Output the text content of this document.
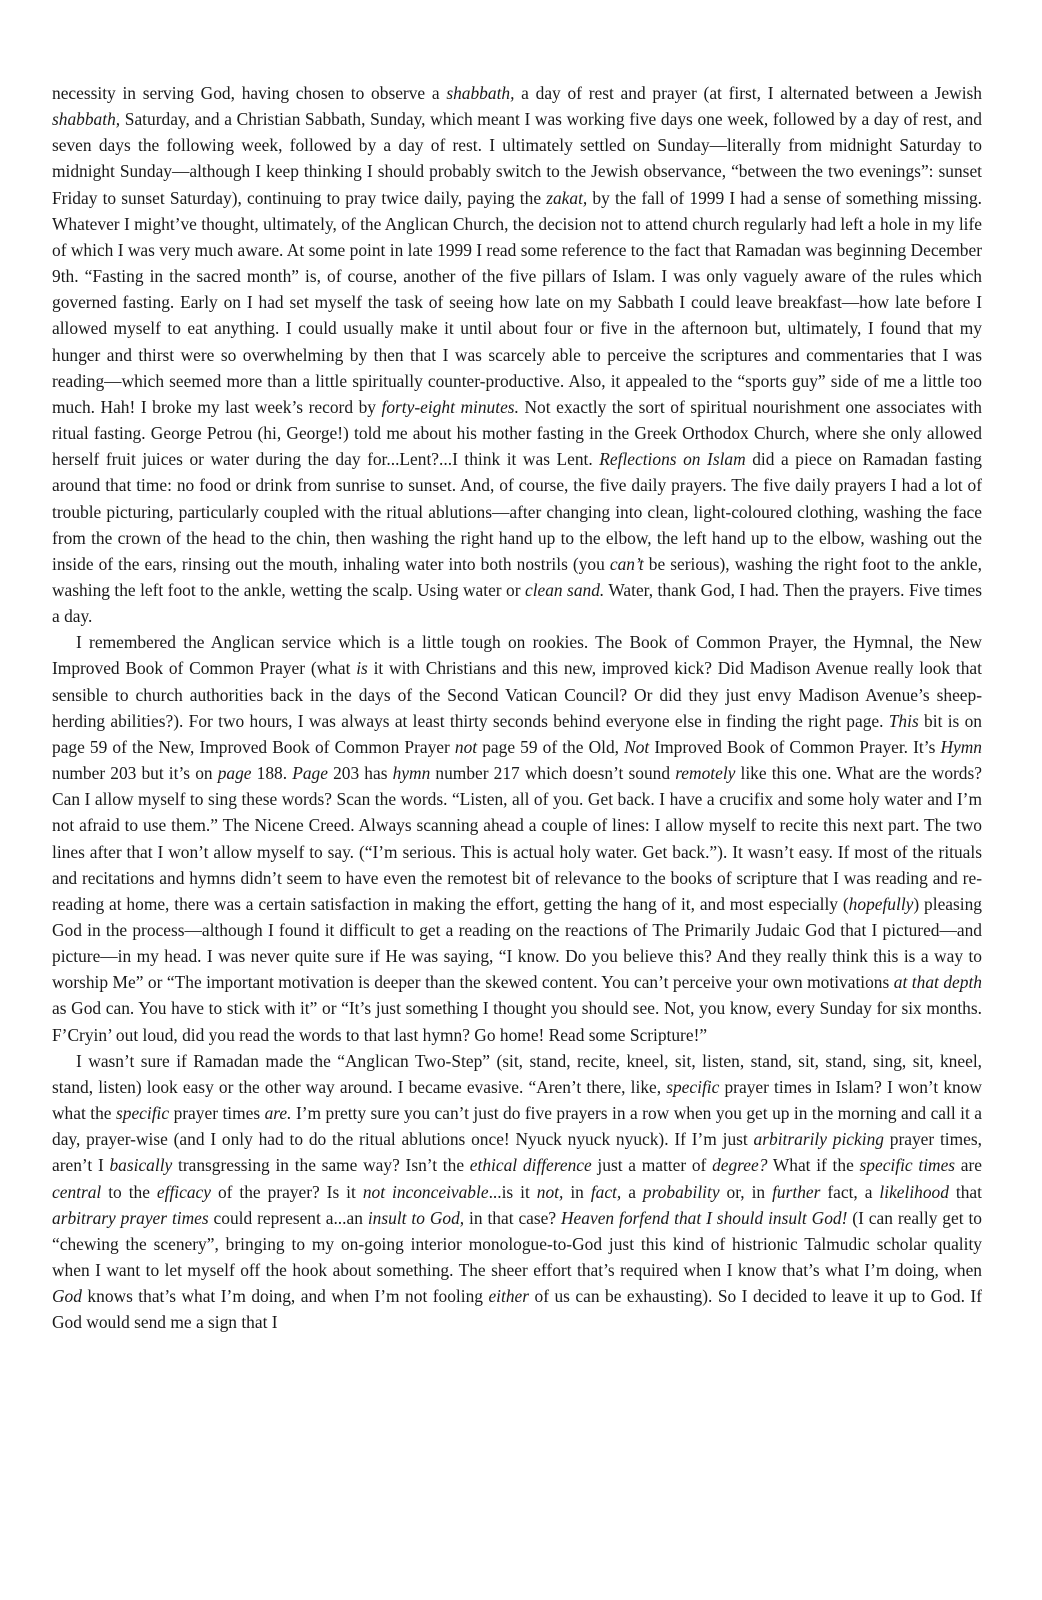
necessity in serving God, having chosen to observe a shabbath, a day of rest and prayer (at first, I alternated between a Jewish shabbath, Saturday, and a Christian Sabbath, Sunday, which meant I was working five days one week, followed by a day of rest, and seven days the following week, followed by a day of rest. I ultimately settled on Sunday—literally from midnight Saturday to midnight Sunday—although I keep thinking I should probably switch to the Jewish observance, “between the two evenings”: sunset Friday to sunset Saturday), continuing to pray twice daily, paying the zakat, by the fall of 1999 I had a sense of something missing. Whatever I might’ve thought, ultimately, of the Anglican Church, the decision not to attend church regularly had left a hole in my life of which I was very much aware. At some point in late 1999 I read some reference to the fact that Ramadan was beginning December 9th. “Fasting in the sacred month” is, of course, another of the five pillars of Islam. I was only vaguely aware of the rules which governed fasting. Early on I had set myself the task of seeing how late on my Sabbath I could leave breakfast—how late before I allowed myself to eat anything. I could usually make it until about four or five in the afternoon but, ultimately, I found that my hunger and thirst were so overwhelming by then that I was scarcely able to perceive the scriptures and commentaries that I was reading—which seemed more than a little spiritually counter-productive. Also, it appealed to the “sports guy” side of me a little too much. Hah! I broke my last week’s record by forty-eight minutes. Not exactly the sort of spiritual nourishment one associates with ritual fasting. George Petrou (hi, George!) told me about his mother fasting in the Greek Orthodox Church, where she only allowed herself fruit juices or water during the day for...Lent?...I think it was Lent. Reflections on Islam did a piece on Ramadan fasting around that time: no food or drink from sunrise to sunset. And, of course, the five daily prayers. The five daily prayers I had a lot of trouble picturing, particularly coupled with the ritual ablutions—after changing into clean, light-coloured clothing, washing the face from the crown of the head to the chin, then washing the right hand up to the elbow, the left hand up to the elbow, washing out the inside of the ears, rinsing out the mouth, inhaling water into both nostrils (you can’t be serious), washing the right foot to the ankle, washing the left foot to the ankle, wetting the scalp. Using water or clean sand. Water, thank God, I had. Then the prayers. Five times a day.

I remembered the Anglican service which is a little tough on rookies. The Book of Common Prayer, the Hymnal, the New Improved Book of Common Prayer (what is it with Christians and this new, improved kick? Did Madison Avenue really look that sensible to church authorities back in the days of the Second Vatican Council? Or did they just envy Madison Avenue’s sheep-herding abilities?). For two hours, I was always at least thirty seconds behind everyone else in finding the right page. This bit is on page 59 of the New, Improved Book of Common Prayer not page 59 of the Old, Not Improved Book of Common Prayer. It’s Hymn number 203 but it’s on page 188. Page 203 has hymn number 217 which doesn’t sound remotely like this one. What are the words? Can I allow myself to sing these words? Scan the words. “Listen, all of you. Get back. I have a crucifix and some holy water and I’m not afraid to use them.” The Nicene Creed. Always scanning ahead a couple of lines: I allow myself to recite this next part. The two lines after that I won’t allow myself to say. (“I’m serious. This is actual holy water. Get back.”). It wasn’t easy. If most of the rituals and recitations and hymns didn’t seem to have even the remotest bit of relevance to the books of scripture that I was reading and re-reading at home, there was a certain satisfaction in making the effort, getting the hang of it, and most especially (hopefully) pleasing God in the process—although I found it difficult to get a reading on the reactions of The Primarily Judaic God that I pictured—and picture—in my head. I was never quite sure if He was saying, “I know. Do you believe this? And they really think this is a way to worship Me” or “The important motivation is deeper than the skewed content. You can’t perceive your own motivations at that depth as God can. You have to stick with it” or “It’s just something I thought you should see. Not, you know, every Sunday for six months. F’Cryin’ out loud, did you read the words to that last hymn? Go home! Read some Scripture!”

I wasn’t sure if Ramadan made the “Anglican Two-Step” (sit, stand, recite, kneel, sit, listen, stand, sit, stand, sing, sit, kneel, stand, listen) look easy or the other way around. I became evasive. “Aren’t there, like, specific prayer times in Islam? I won’t know what the specific prayer times are. I’m pretty sure you can’t just do five prayers in a row when you get up in the morning and call it a day, prayer-wise (and I only had to do the ritual ablutions once! Nyuck nyuck nyuck). If I’m just arbitrarily picking prayer times, aren’t I basically transgressing in the same way? Isn’t the ethical difference just a matter of degree? What if the specific times are central to the efficacy of the prayer? Is it not inconceivable...is it not, in fact, a probability or, in further fact, a likelihood that arbitrary prayer times could represent a...an insult to God, in that case? Heaven forfend that I should insult God! (I can really get to “chewing the scenery”, bringing to my on-going interior monologue-to-God just this kind of histrionic Talmudic scholar quality when I want to let myself off the hook about something. The sheer effort that’s required when I know that’s what I’m doing, when God knows that’s what I’m doing, and when I’m not fooling either of us can be exhausting). So I decided to leave it up to God. If God would send me a sign that I
